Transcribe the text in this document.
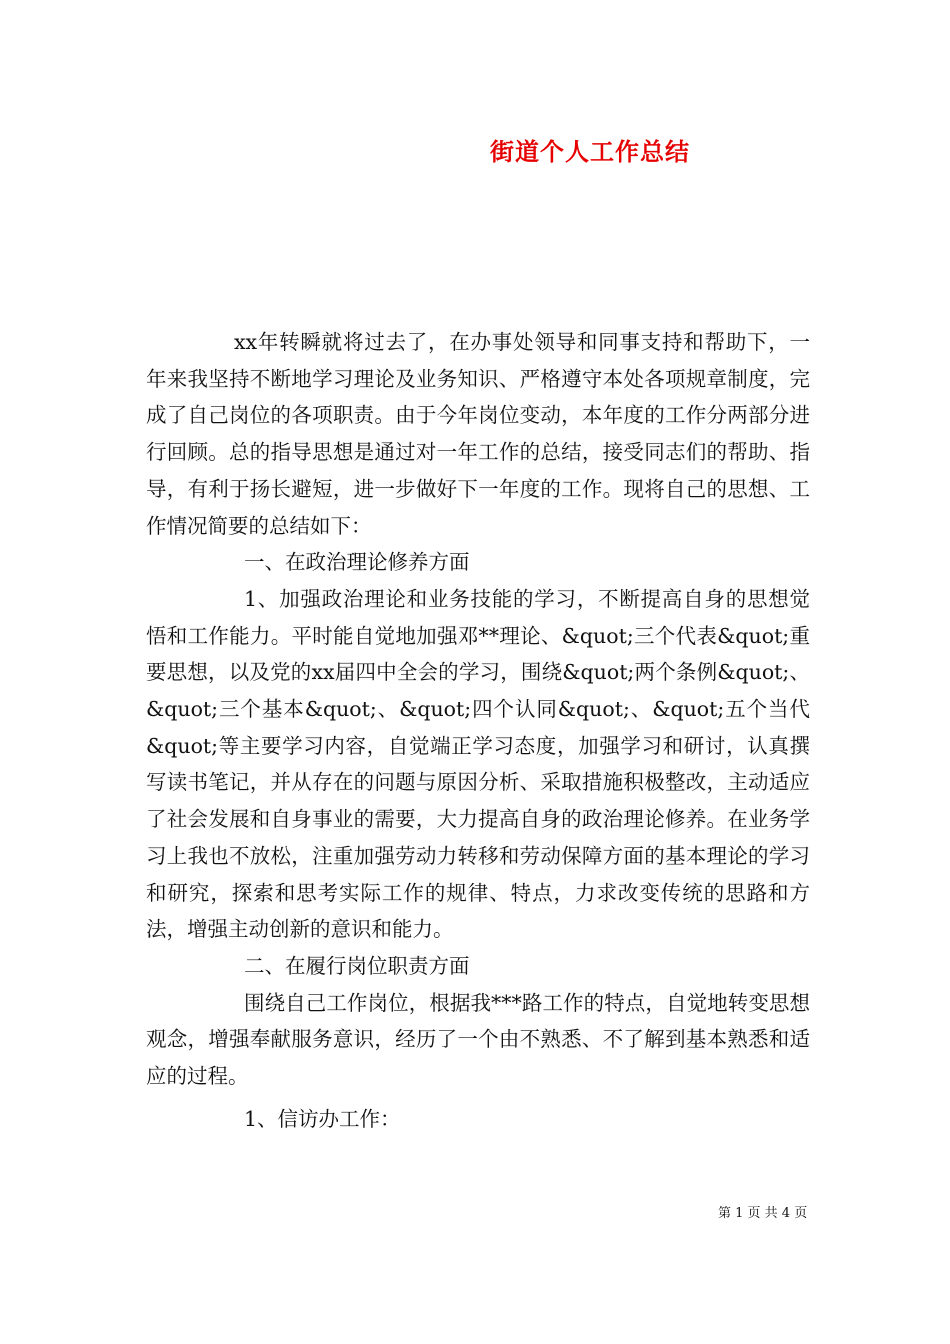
街道个人工作总结

xx年转瞬就将过去了，在办事处领导和同事支持和帮助下，一年来我坚持不断地学习理论及业务知识、严格遵守本处各项规章制度，完成了自己岗位的各项职责。由于今年岗位变动，本年度的工作分两部分进行回顾。总的指导思想是通过对一年工作的总结，接受同志们的帮助、指导，有利于扬长避短，进一步做好下一年度的工作。现将自己的思想、工作情况简要的总结如下：

一、在政治理论修养方面

1、加强政治理论和业务技能的学习，不断提高自身的思想觉悟和工作能力。平时能自觉地加强邓**理论、&quot;三个代表&quot;重要思想，以及党的xx届四中全会的学习，围绕&quot;两个条例&quot;、&quot;三个基本&quot;、&quot;四个认同&quot;、&quot;五个当代&quot;等主要学习内容，自觉端正学习态度，加强学习和研讨，认真撰写读书笔记，并从存在的问题与原因分析、采取措施积极整改，主动适应了社会发展和自身事业的需要，大力提高自身的政治理论修养。在业务学习上我也不放松，注重加强劳动力转移和劳动保障方面的基本理论的学习和研究，探索和思考实际工作的规律、特点，力求改变传统的思路和方法，增强主动创新的意识和能力。

二、在履行岗位职责方面

围绕自己工作岗位，根据我***路工作的特点，自觉地转变思想观念，增强奉献服务意识，经历了一个由不熟悉、不了解到基本熟悉和适应的过程。

1、信访办工作：

第 1 页 共 4 页
